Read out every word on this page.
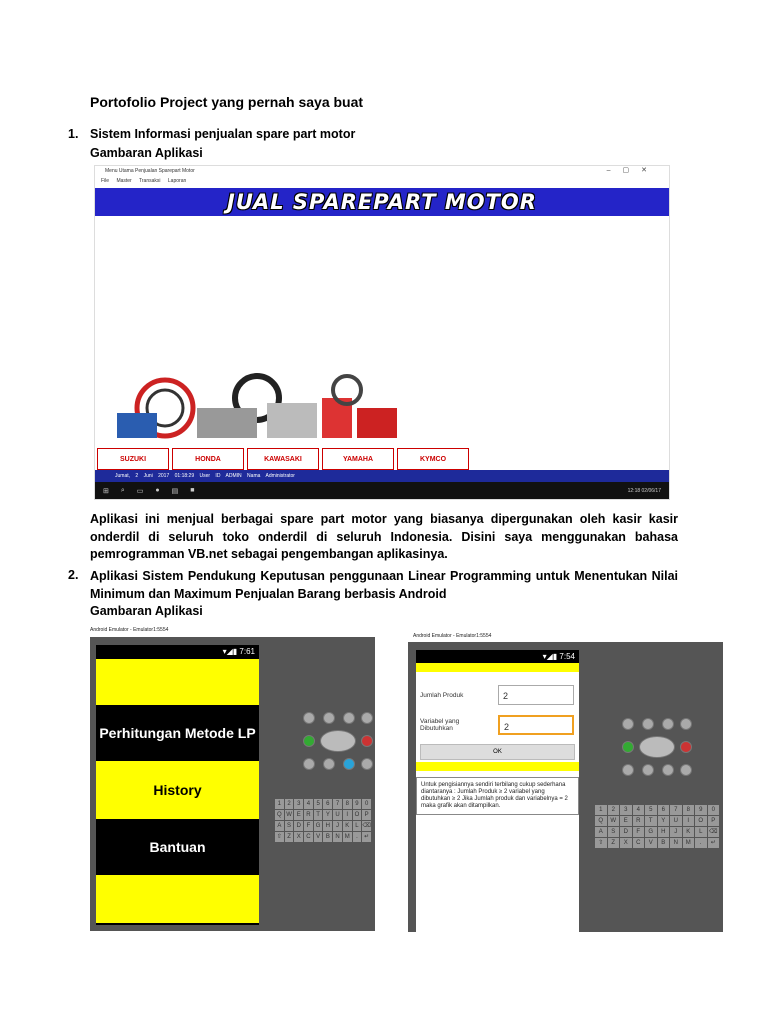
Portofolio Project yang pernah saya buat
1. Sistem Informasi penjualan spare part motor
Gambaran Aplikasi
Menu Utama Penjualan Sparepart Motor	–▢✕
File Master Transaksi Laporan
JUAL SPAREPART MOTOR
SUZUKI	HONDA	KAWASAKI	YAMAHA	KYMCO
Jumat, 2 Juni 2017 01:18:29 User ID ADMIN Nama Administrator
⊞ ⌕ ▭ ● ▤ ■	12:18 02/06/17
Aplikasi ini menjual berbagai spare part motor yang biasanya dipergunakan oleh kasir kasir onderdil di seluruh toko onderdil di seluruh Indonesia. Disini saya menggunakan bahasa pemrogramman VB.net sebagai pengembangan aplikasinya.
2. Aplikasi Sistem Pendukung Keputusan penggunaan Linear Programming untuk Menentukan Nilai Minimum dan Maximum Penjualan Barang berbasis Android
Gambaran Aplikasi
Android Emulator - Emulator1:5554
▾◢▮ 7:61
Perhitungan Metode LP
History
Bantuan
1	2	3	4	5	6	7	8	9	0
Q W E R T Y U	I	O P
A S D F G H	J	K	L ⌫
⇧ Z X C V B N M	.	↵
Android Emulator - Emulator1:5554
▾◢▮ 7:54
Jumlah Produk	2
Variabel yang Dibutuhkan	2
OK
Untuk pengisiannya sendiri terbilang cukup sederhana diantaranya : Jumlah Produk ≥ 2 variabel yang dibutuhkan ≥ 2 Jika Jumlah produk dan variabelnya = 2 maka grafik akan ditampilkan.
1	2	3	4	5	6	7	8	9	0
Q	W	E	R	T	Y	U	I	O	P
A	S	D	F	G	H	J	K	L	⌫
⇧	Z	X	C	V	B	N	M	.	↵
